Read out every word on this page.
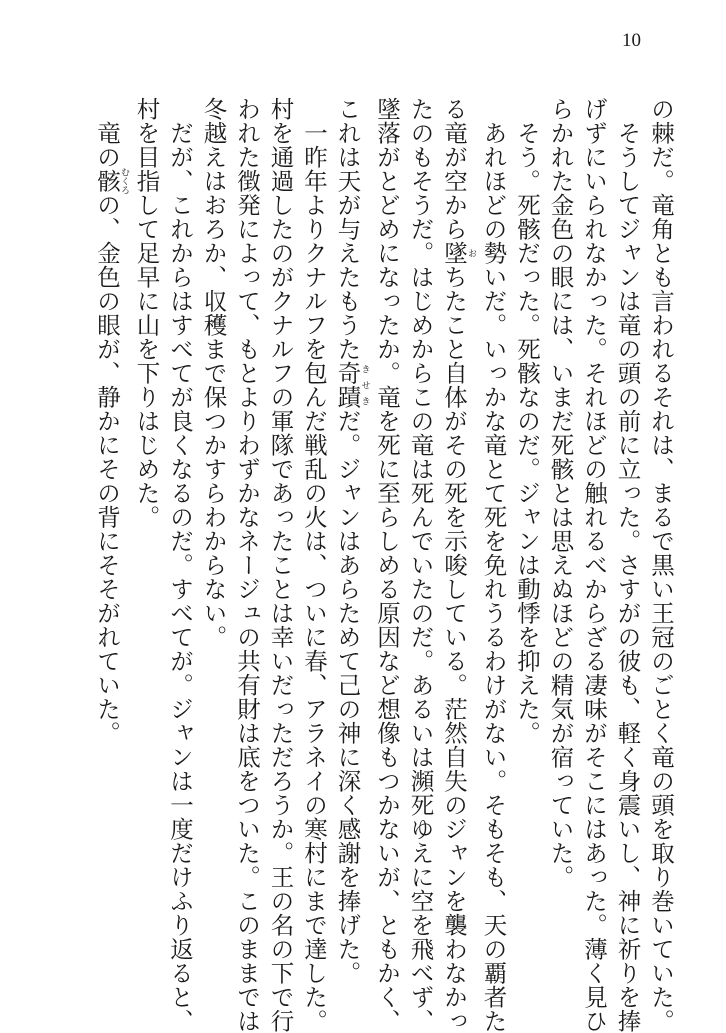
10
の棘だ。竜角とも言われるそれは、まるで黒い王冠のごとく竜の頭を取り巻いていた。
　そうしてジャンは竜の頭の前に立った。さすがの彼も、軽く身震いし、神に祈りを捧
げずにいられなかった。それほどの触れるべからざる凄味がそこにはあった。薄く見ひ
らかれた金色の眼には、いまだ死骸とは思えぬほどの精気が宿っていた。
　そう。死骸だった。死骸なのだ。ジャンは動悸を抑えた。
　あれほどの勢いだ。いっかな竜とて死を免れうるわけがない。そもそも、天の覇者た
る竜が空から墜おちたこと自体がその死を示唆している。茫然自失のジャンを襲わなかっ
たのもそうだ。はじめからこの竜は死んでいたのだ。あるいは瀕死ゆえに空を飛べず、
墜落がとどめになったか。竜を死に至らしめる原因など想像もつかないが、ともかく、
これは天が与えたもうた奇蹟きせきだ。ジャンはあらためて己の神に深く感謝を捧げた。
　一昨年よりクナルフを包んだ戦乱の火は、ついに春、アラネイの寒村にまで達した。
村を通過したのがクナルフの軍隊であったことは幸いだっただろうか。王の名の下で行
われた徴発によって、もとよりわずかなネージュの共有財は底をついた。このままでは
冬越えはおろか、収穫まで保つかすらわからない。
　だが、これからはすべてが良くなるのだ。すべてが。ジャンは一度だけふり返ると、
村を目指して足早に山を下りはじめた。
　竜の骸むくろの、金色の眼が、静かにその背にそそがれていた。
